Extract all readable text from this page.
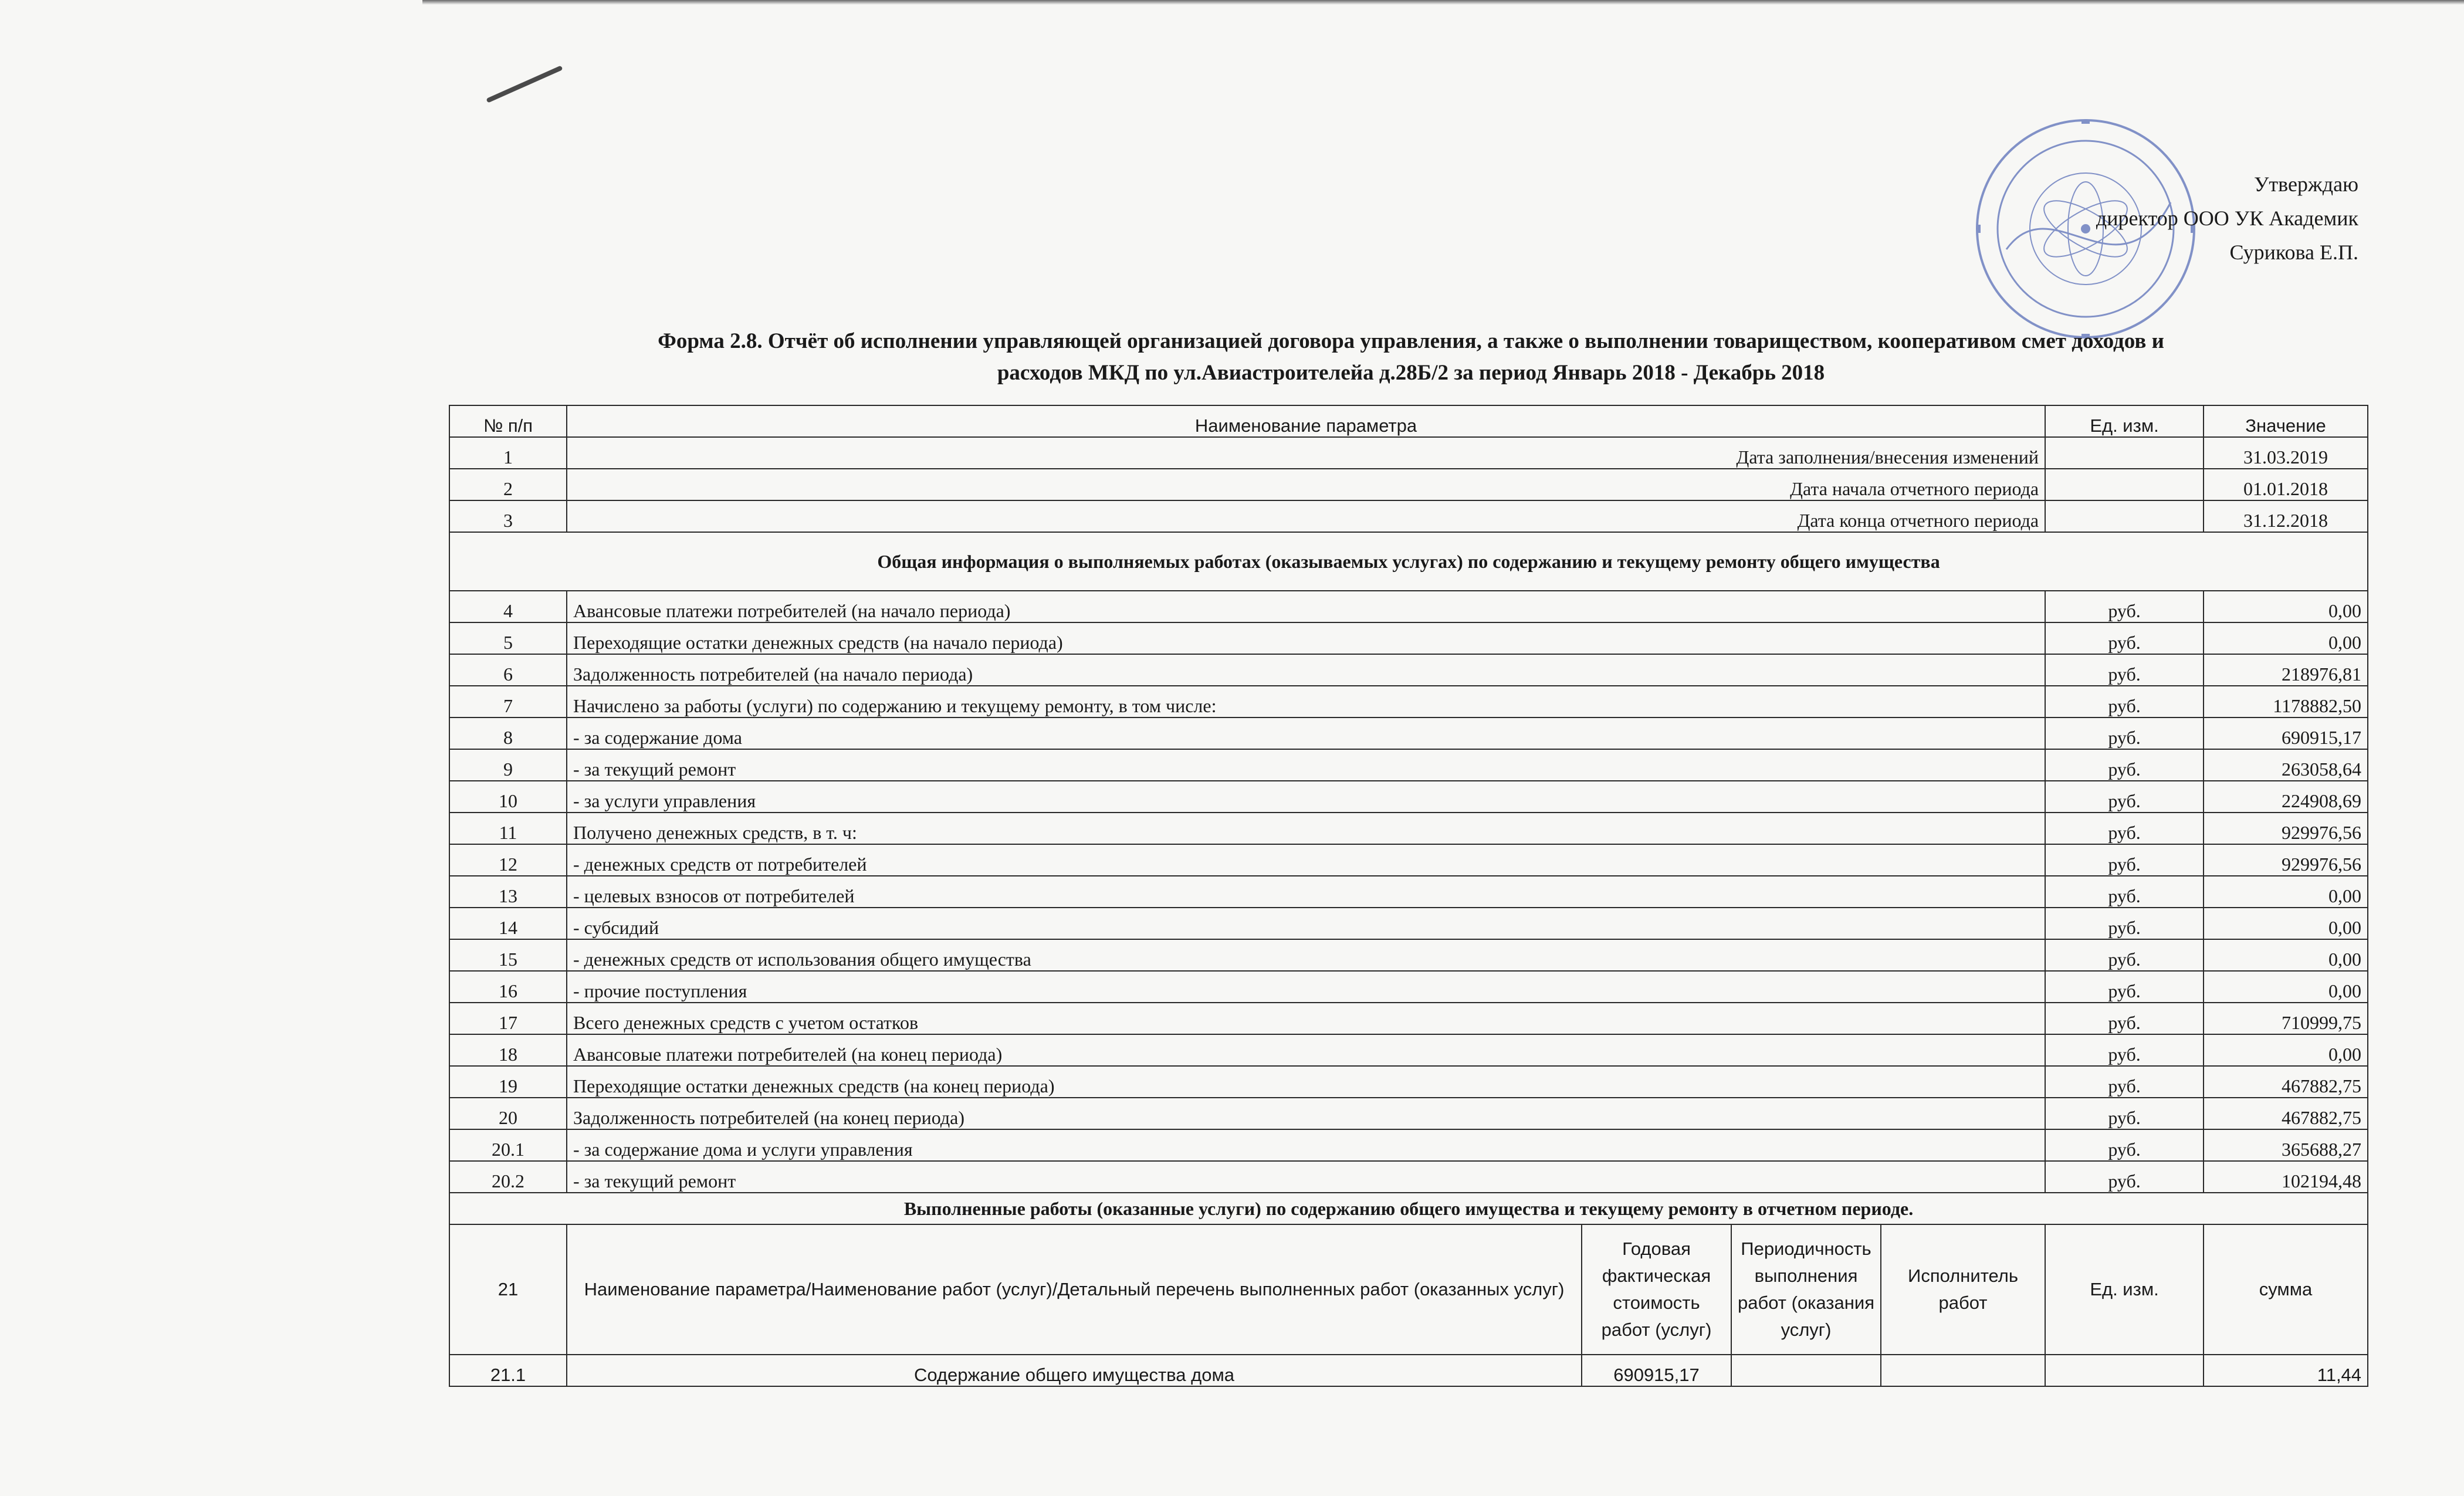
Утверждаю
директор ООО УК Академик
Сурикова Е.П.
Форма 2.8. Отчёт об исполнении управляющей организацией договора управления, а также о выполнении товариществом, кооперативом смет доходов и
расходов МКД по ул.Авиастроителейа д.28Б/2 за период Январь 2018 - Декабрь 2018
№ п/п	Наименование параметра				Ед. изм.	Значение
1	Дата заполнения/внесения изменений					31.03.2019
2	Дата начала отчетного периода					01.01.2018
3	Дата конца отчетного периода					31.12.2018
Общая информация о выполняемых работах (оказываемых услугах) по содержанию и текущему ремонту общего имущества						
4	Авансовые платежи потребителей (на начало периода)				руб.	0,00
5	Переходящие остатки денежных средств (на начало периода)				руб.	0,00
6	Задолженность потребителей (на начало периода)				руб.	218976,81
7	Начислено за работы (услуги) по содержанию и текущему ремонту, в том числе:				руб.	1178882,50
8	- за содержание дома				руб.	690915,17
9	- за текущий ремонт				руб.	263058,64
10	- за услуги управления				руб.	224908,69
11	Получено денежных средств, в т. ч:				руб.	929976,56
12	- денежных средств от потребителей				руб.	929976,56
13	- целевых взносов от потребителей				руб.	0,00
14	- субсидий				руб.	0,00
15	- денежных средств от использования общего имущества				руб.	0,00
16	- прочие поступления				руб.	0,00
17	Всего денежных средств с учетом остатков				руб.	710999,75
18	Авансовые платежи потребителей (на конец периода)				руб.	0,00
19	Переходящие остатки денежных средств (на конец периода)				руб.	467882,75
20	Задолженность потребителей (на конец периода)				руб.	467882,75
20.1	- за содержание дома и услуги управления				руб.	365688,27
20.2	- за текущий ремонт				руб.	102194,48
Выполненные работы (оказанные услуги) по содержанию общего имущества и текущему ремонту в отчетном периоде.						
21	Наименование параметра/Наименование работ (услуг)/Детальный перечень выполненных работ (оказанных услуг)	Годовая фактическая стоимость работ (услуг)	Периодичность выполнения работ (оказания услуг)	Исполнитель работ	Ед. изм.	сумма
21.1	Содержание общего имущества дома	690915,17				11,44
